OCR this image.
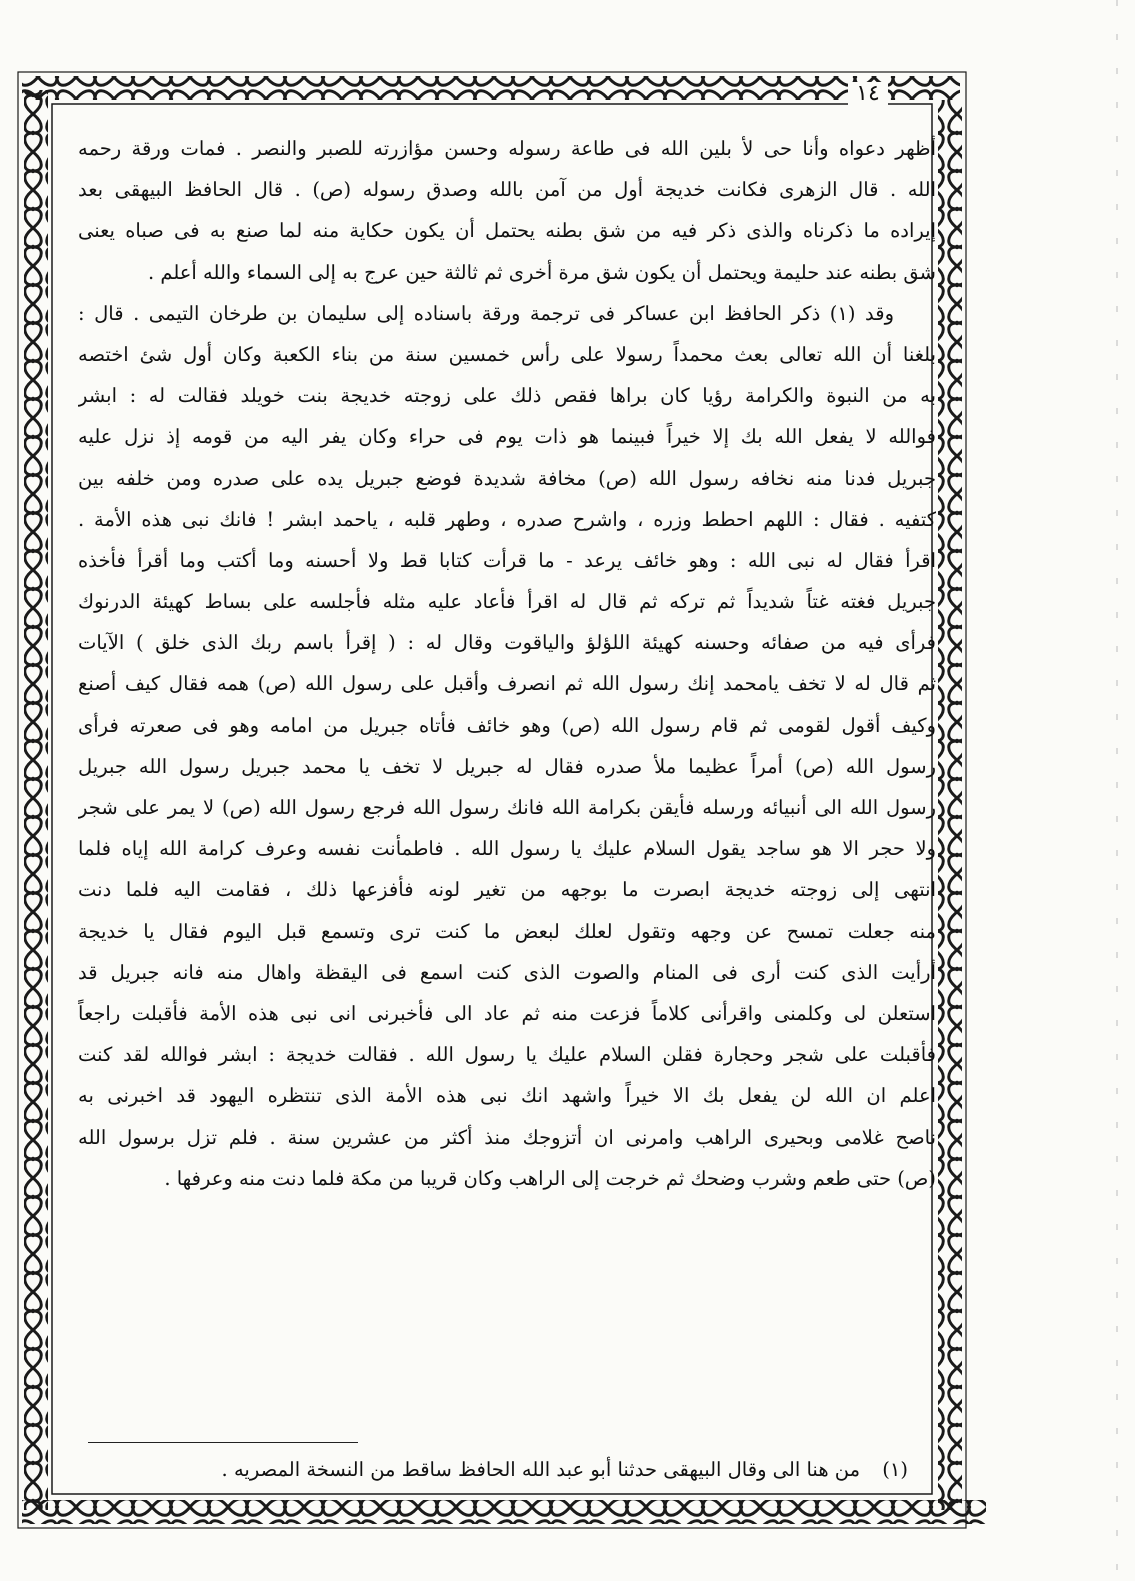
١٤
أظهر دعواه وأنا حى لأ بلين الله فى طاعة رسوله وحسن مؤازرته للصبر والنصر . فمات ورقة رحمه
الله . قال الزهرى فكانت خديجة أول من آمن بالله وصدق رسوله (ص) . قال الحافظ البيهقى بعد
إيراده ما ذكرناه والذى ذكر فيه من شق بطنه يحتمل أن يكون حكاية منه لما صنع به فى صباه يعنى
شق بطنه عند حليمة ويحتمل أن يكون شق مرة أخرى ثم ثالثة حين عرج به إلى السماء والله أعلم .
وقد (١) ذكر الحافظ ابن عساكر فى ترجمة ورقة باسناده إلى سليمان بن طرخان التيمى . قال :
بلغنا أن الله تعالى بعث محمداً رسولا على رأس خمسين سنة من بناء الكعبة وكان أول شئ اختصه
به من النبوة والكرامة رؤيا كان براها فقص ذلك على زوجته خديجة بنت خويلد فقالت له : ابشر
فوالله لا يفعل الله بك إلا خيراً فبينما هو ذات يوم فى حراء وكان يفر اليه من قومه إذ نزل عليه
جبريل فدنا منه نخافه رسول الله (ص) مخافة شديدة فوضع جبريل يده على صدره ومن خلفه بين
كتفيه . فقال : اللهم احطط وزره ، واشرح صدره ، وطهر قلبه ، ياحمد ابشر ! فانك نبى هذه الأمة .
اقرأ فقال له نبى الله : وهو خائف يرعد - ما قرأت كتابا قط ولا أحسنه وما أكتب وما أقرأ فأخذه
جبريل فغته غتاً شديداً ثم تركه ثم قال له اقرأ فأعاد عليه مثله فأجلسه على بساط كهيئة الدرنوك
فرأى فيه من صفائه وحسنه كهيئة اللؤلؤ والياقوت وقال له : ( إقرأ باسم ربك الذى خلق ) الآيات
ثم قال له لا تخف يامحمد إنك رسول الله ثم انصرف وأقبل على رسول الله (ص) همه فقال كيف أصنع
وكيف أقول لقومى ثم قام رسول الله (ص) وهو خائف فأتاه جبريل من امامه وهو فى صعرته فرأى
رسول الله (ص) أمراً عظيما ملأ صدره فقال له جبريل لا تخف يا محمد جبريل رسول الله جبريل
رسول الله الى أنبيائه ورسله فأيقن بكرامة الله فانك رسول الله فرجع رسول الله (ص) لا يمر على شجر
ولا حجر الا هو ساجد يقول السلام عليك يا رسول الله . فاطمأنت نفسه وعرف كرامة الله إياه فلما
انتهى إلى زوجته خديجة ابصرت ما بوجهه من تغير لونه فأفزعها ذلك ، فقامت اليه فلما دنت
منه جعلت تمسح عن وجهه وتقول لعلك لبعض ما كنت ترى وتسمع قبل اليوم فقال يا خديجة
أرأيت الذى كنت أرى فى المنام والصوت الذى كنت اسمع فى اليقظة واهال منه فانه جبريل قد
استعلن لى وكلمنى واقرأنى كلاماً فزعت منه ثم عاد الى فأخبرنى انى نبى هذه الأمة فأقبلت راجعاً
فأقبلت على شجر وحجارة فقلن السلام عليك يا رسول الله . فقالت خديجة : ابشر فوالله لقد كنت
اعلم ان الله لن يفعل بك الا خيراً واشهد انك نبى هذه الأمة الذى تنتظره اليهود قد اخبرنى به
ناصح غلامى وبحيرى الراهب وامرنى ان أتزوجك منذ أكثر من عشرين سنة . فلم تزل برسول الله
(ص) حتى طعم وشرب وضحك ثم خرجت إلى الراهب وكان قريبا من مكة فلما دنت منه وعرفها .
(١) من هنا الى وقال البيهقى حدثنا أبو عبد الله الحافظ ساقط من النسخة المصريه .
